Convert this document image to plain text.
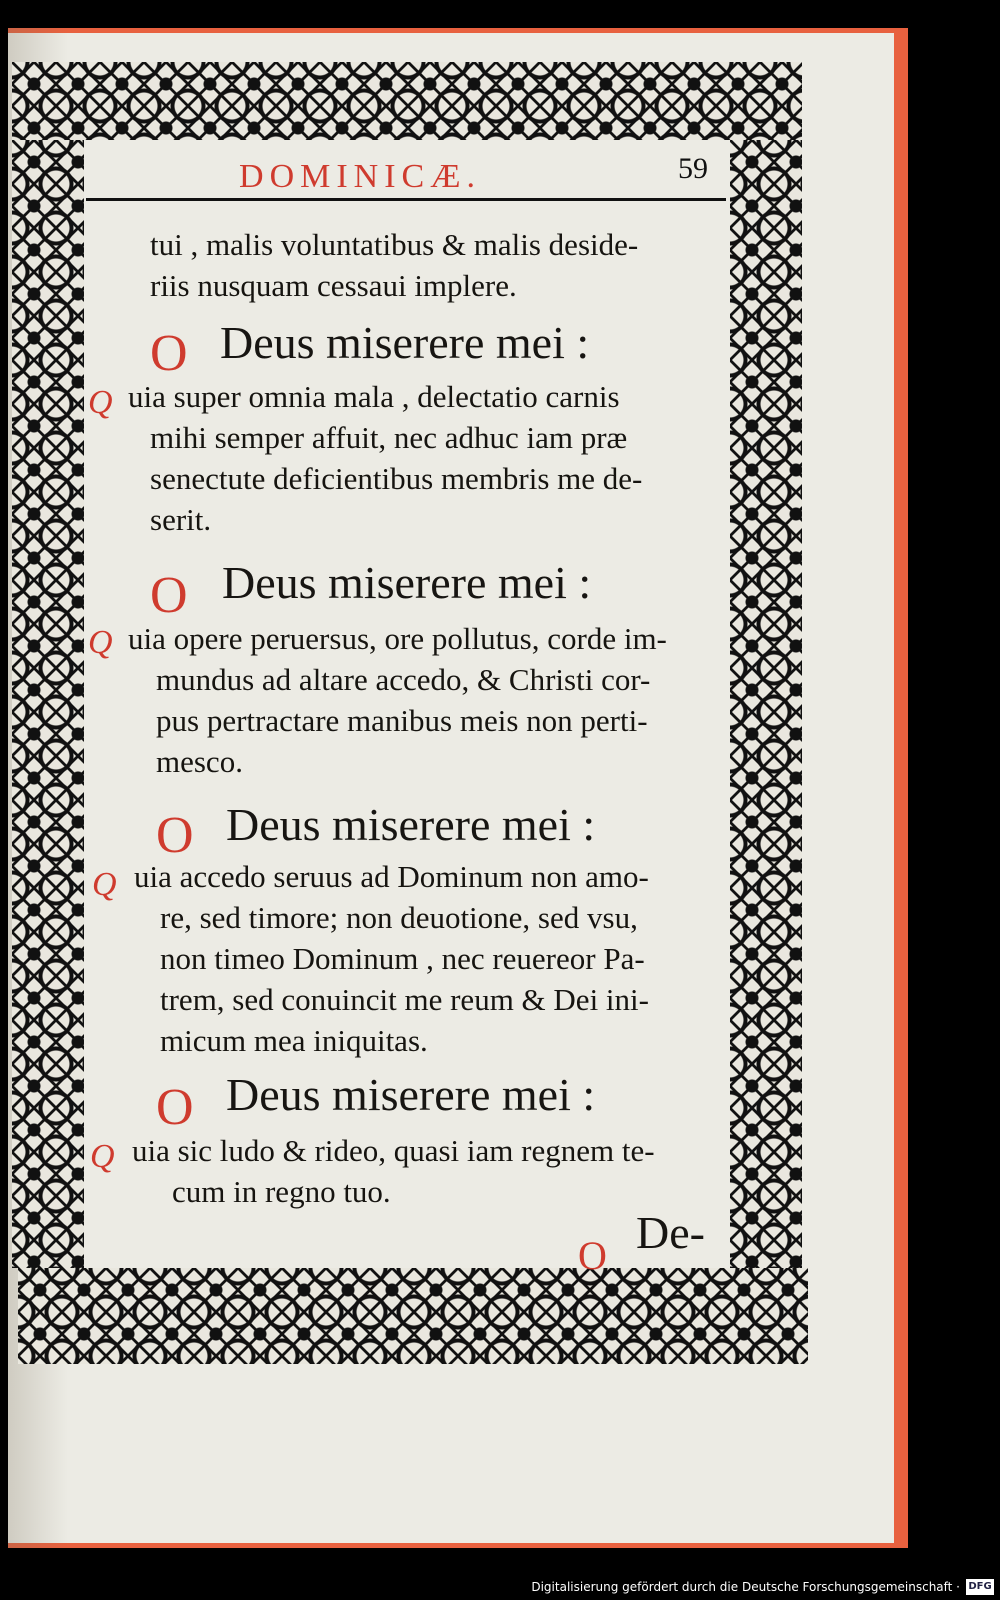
DOMINICÆ.	59
tui , malis voluntatibus & malis deside-
riis nusquam cessaui implere.
O Deus miserere mei :
Q uia super omnia mala , delectatio carnis
mihi semper affuit, nec adhuc iam præ
senectute deficientibus membris me de-
serit.
O Deus miserere mei :
Q uia opere peruersus, ore pollutus, corde im-
mundus ad altare accedo, & Christi cor-
pus pertractare manibus meis non perti-
mesco.
O Deus miserere mei :
Q uia accedo seruus ad Dominum non amo-
re, sed timore; non deuotione, sed vsu,
non timeo Dominum , nec reuereor Pa-
trem, sed conuincit me reum & Dei ini-
micum mea iniquitas.
O Deus miserere mei :
Q uia sic ludo & rideo, quasi iam regnem te-
cum in regno tuo.
O De-
Digitalisierung gefördert durch die Deutsche Forschungsgemeinschaft · DFG
